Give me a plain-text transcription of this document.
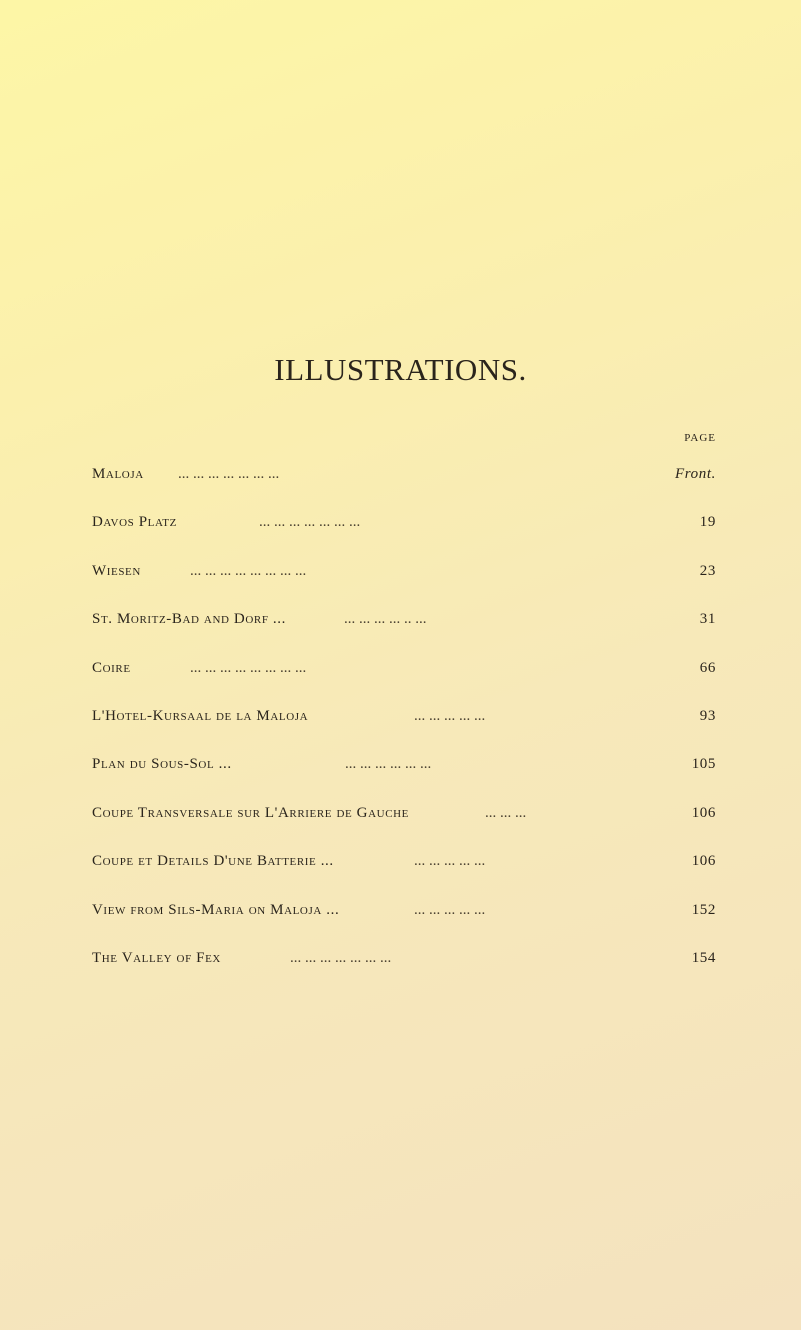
ILLUSTRATIONS.
PAGE
Maloja ... ... ... ... ... ... ...	Front.
Davos Platz	... ... ... ... ... ... ...	19
Wiesen	... ... ... ... ... ... ... ...	23
St. Moritz-Bad and Dorf ...	... ... ... ... .. ...	31
Coire	... ... ... ... ... ... ... ...	66
L'Hotel-Kursaal de la Maloja	... ... ... ... ...	93
Plan du Sous-Sol ...	... ... ... ... ... ...	105
Coupe Transversale sur L'Arriere de Gauche	... ... ...	106
Coupe et Details D'une Batterie ...	... ... ... ... ...	106
View from Sils-Maria on Maloja ...	... ... ... ... ...	152
The Valley of Fex	... ... ... ... ... ... ...	154
